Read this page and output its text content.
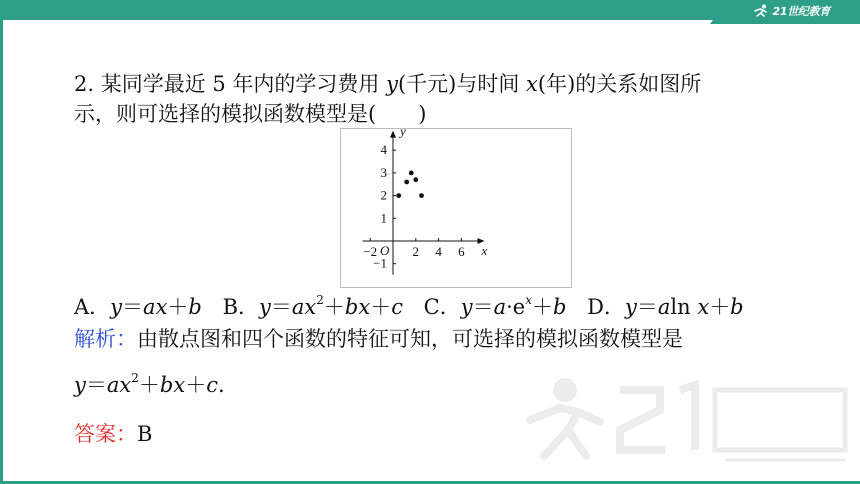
21世纪教育
2. 某同学最近 5 年内的学习费用 y(千元)与时间 x(年)的关系如图所
示，则可选择的模拟函数模型是(　　)
y
x
O
−2	2 4 6
4
3
2
1
−1
A．y＝ax＋b B．$y=ax^2+bx+c$ C．$y=a\cdot e^x+b$ D．y＝aln x＋b
解析：由散点图和四个函数的特征可知，可选择的模拟函数模型是
$y=ax^2+bx+c$.
答案：B
